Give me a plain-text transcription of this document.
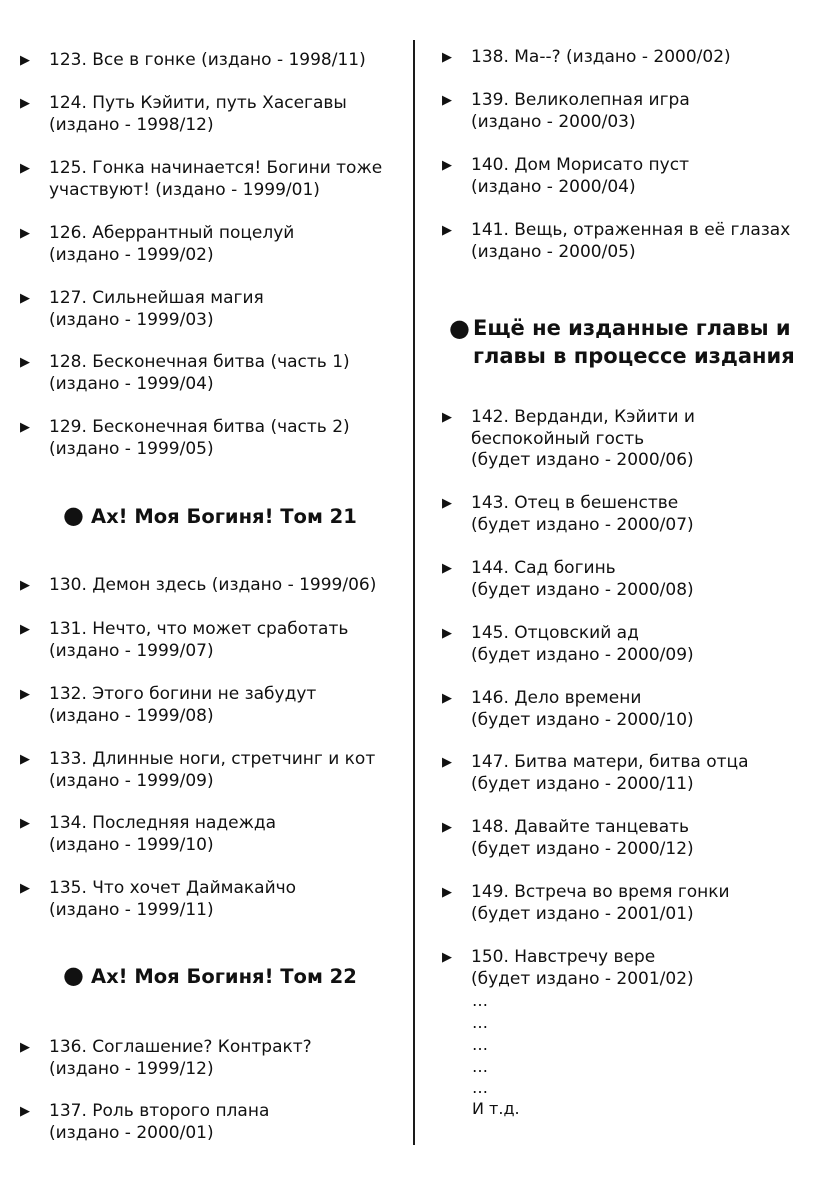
▶ 123. Все в гонке (издано - 1998/11)
▶ 124. Путь Кэйити, путь Хасегавы
(издано - 1998/12)
▶ 125. Гонка начинается! Богини тоже
участвуют! (издано - 1999/01)
▶ 126. Аберрантный поцелуй
(издано - 1999/02)
▶ 127. Сильнейшая магия
(издано - 1999/03)
▶ 128. Бесконечная битва (часть 1)
(издано - 1999/04)
▶ 129. Бесконечная битва (часть 2)
(издано - 1999/05)
● Ах! Моя Богиня! Том 21
▶ 130. Демон здесь (издано - 1999/06)
▶ 131. Нечто, что может сработать
(издано - 1999/07)
▶ 132. Этого богини не забудут
(издано - 1999/08)
▶ 133. Длинные ноги, стретчинг и кот
(издано - 1999/09)
▶ 134. Последняя надежда
(издано - 1999/10)
▶ 135. Что хочет Даймакайчо
(издано - 1999/11)
● Ах! Моя Богиня! Том 22
▶ 136. Соглашение? Контракт?
(издано - 1999/12)
▶ 137. Роль второго плана
(издано - 2000/01)
▶ 138. Ма--? (издано - 2000/02)
▶ 139. Великолепная игра
(издано - 2000/03)
▶ 140. Дом Морисато пуст
(издано - 2000/04)
▶ 141. Вещь, отраженная в её глазах
(издано - 2000/05)
● Ещё не изданные главы и
главы в процессе издания
▶ 142. Верданди, Кэйити и
беспокойный гость
(будет издано - 2000/06)
▶ 143. Отец в бешенстве
(будет издано - 2000/07)
▶ 144. Сад богинь
(будет издано - 2000/08)
▶ 145. Отцовский ад
(будет издано - 2000/09)
▶ 146. Дело времени
(будет издано - 2000/10)
▶ 147. Битва матери, битва отца
(будет издано - 2000/11)
▶ 148. Давайте танцевать
(будет издано - 2000/12)
▶ 149. Встреча во время гонки
(будет издано - 2001/01)
▶ 150. Навстречу вере
(будет издано - 2001/02)
…
…
…
…
…
И т.д.
